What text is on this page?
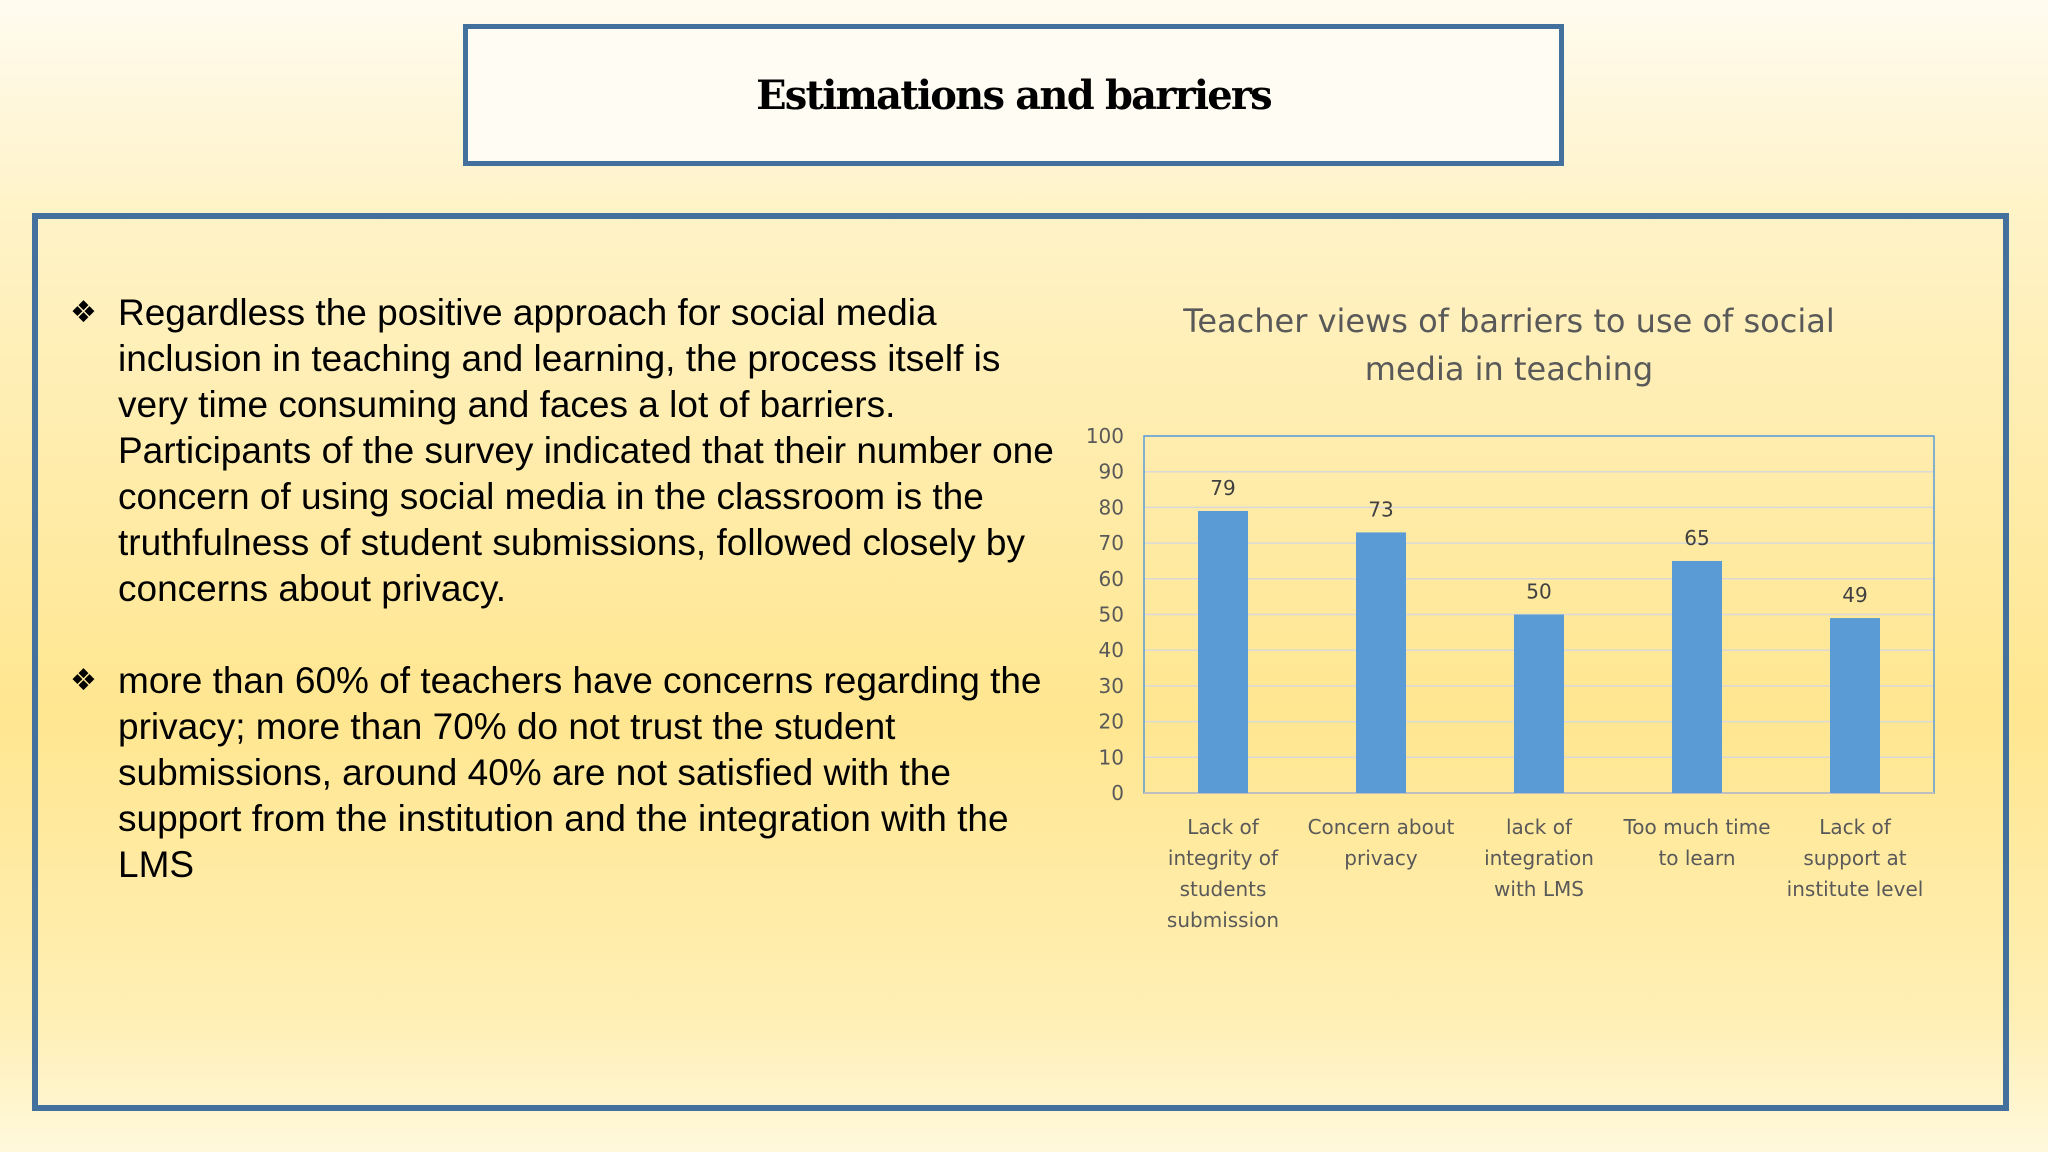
Estimations and barriers
❖ Regardless the positive approach for social media inclusion in teaching and learning, the process itself is very time consuming and faces a lot of barriers. Participants of the survey indicated that their number one concern of using social media in the classroom is the truthfulness of student submissions, followed closely by concerns about privacy.
❖ more than 60% of teachers have concerns regarding the privacy; more than 70% do not trust the student submissions, around 40% are not satisfied with the support from the institution and the integration with the LMS
Teacher views of barriers to use of social
media in teaching
0
10
20
30
40
50
60
70
80
90
100
79
Lack of
integrity of
students
submission
73
Concern about
privacy
50
lack of
integration
with LMS
65
Too much time
to learn
49
Lack of
support at
institute level
